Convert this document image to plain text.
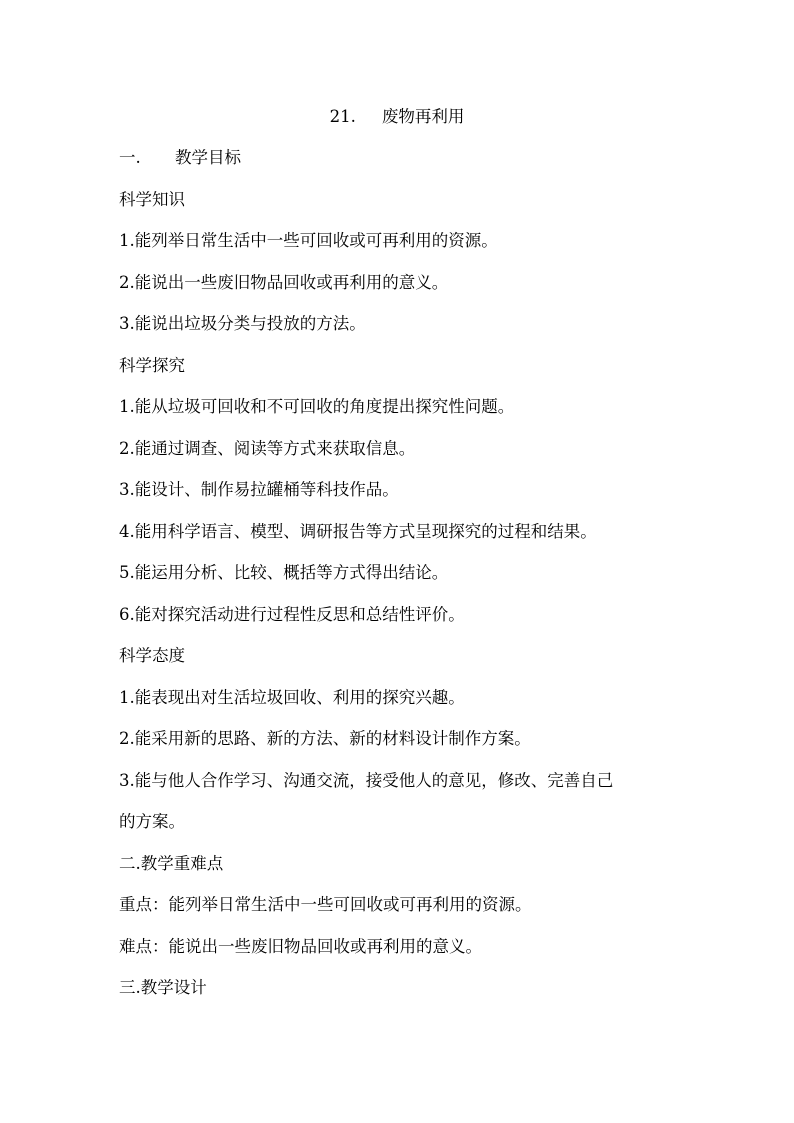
21. 废物再利用
一. 教学目标
科学知识
1.能列举日常生活中一些可回收或可再利用的资源。
2.能说出一些废旧物品回收或再利用的意义。
3.能说出垃圾分类与投放的方法。
科学探究
1.能从垃圾可回收和不可回收的角度提出探究性问题。
2.能通过调查、阅读等方式来获取信息。
3.能设计、制作易拉罐桶等科技作品。
4.能用科学语言、模型、调研报告等方式呈现探究的过程和结果。
5.能运用分析、比较、概括等方式得出结论。
6.能对探究活动进行过程性反思和总结性评价。
科学态度
1.能表现出对生活垃圾回收、利用的探究兴趣。
2.能采用新的思路、新的方法、新的材料设计制作方案。
3.能与他人合作学习、沟通交流，接受他人的意见，修改、完善自己
的方案。
二.教学重难点
重点：能列举日常生活中一些可回收或可再利用的资源。
难点：能说出一些废旧物品回收或再利用的意义。
三.教学设计
